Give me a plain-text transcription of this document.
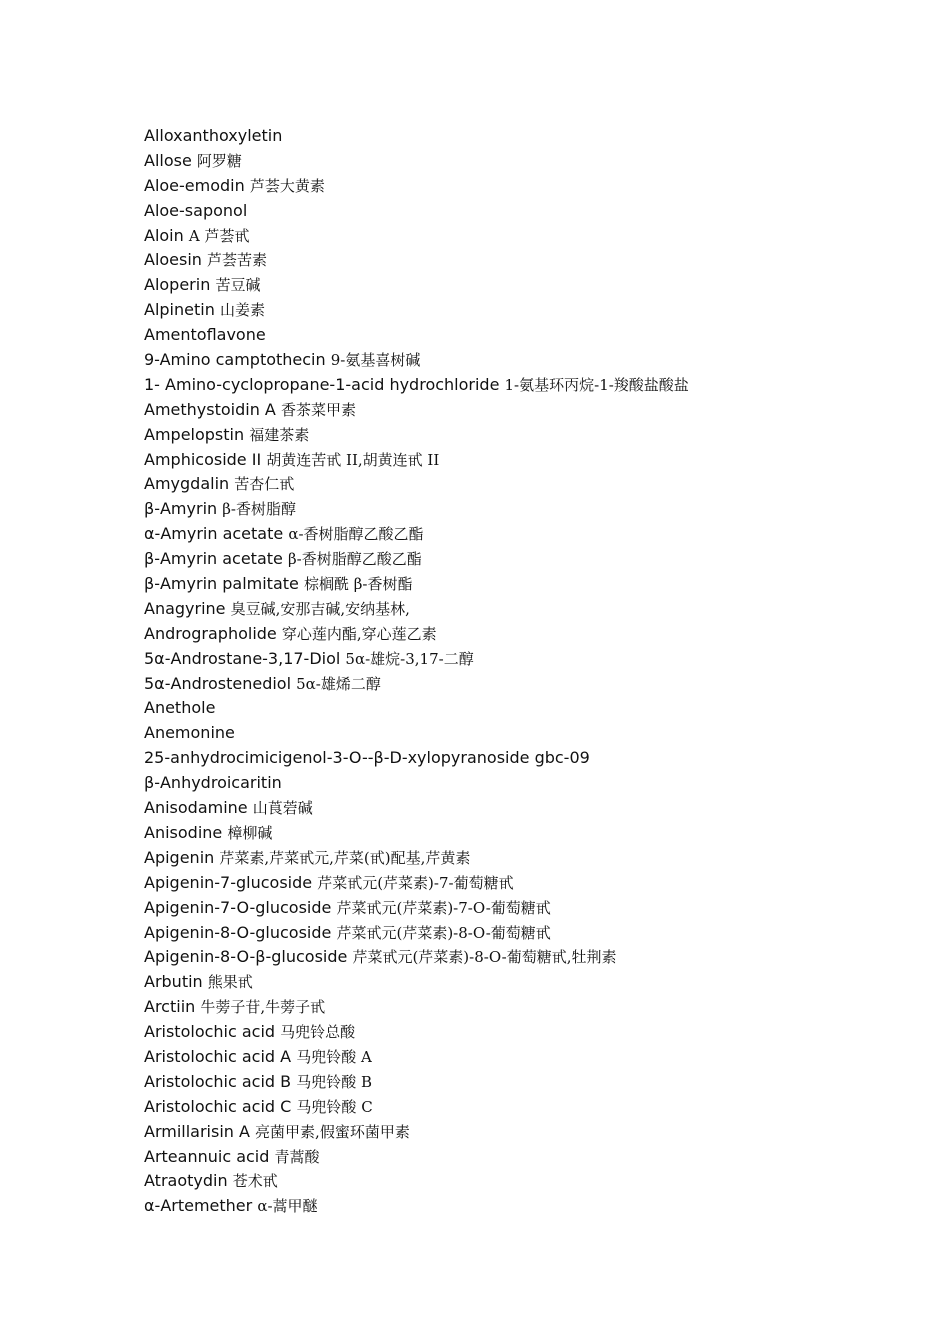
Alloxanthoxyletin
Allose 阿罗糖
Aloe-emodin 芦荟大黄素
Aloe-saponol
Aloin A 芦荟甙
Aloesin 芦荟苦素
Aloperin 苦豆碱
Alpinetin 山姜素
Amentoflavone
9-Amino camptothecin 9-氨基喜树碱
1- Amino-cyclopropane-1-acid hydrochloride 1-氨基环丙烷-1-羧酸盐酸盐
Amethystoidin A 香茶菜甲素
Ampelopstin 福建茶素
Amphicoside II 胡黄连苦甙 II,胡黄连甙 II
Amygdalin 苦杏仁甙
β-Amyrin β-香树脂醇
α-Amyrin acetate α-香树脂醇乙酸乙酯
β-Amyrin acetate β-香树脂醇乙酸乙酯
β-Amyrin palmitate 棕榈酰 β-香树酯
Anagyrine 臭豆碱,安那吉碱,安纳基林,
Andrographolide 穿心莲内酯,穿心莲乙素
5α-Androstane-3,17-Diol 5α-雄烷-3,17-二醇
5α-Androstenediol 5α-雄烯二醇
Anethole
Anemonine
25-anhydrocimicigenol-3-O--β-D-xylopyranoside gbc-09
β-Anhydroicaritin
Anisodamine 山莨菪碱
Anisodine 樟柳碱
Apigenin 芹菜素,芹菜甙元,芹菜(甙)配基,芹黄素
Apigenin-7-glucoside 芹菜甙元(芹菜素)-7-葡萄糖甙
Apigenin-7-O-glucoside 芹菜甙元(芹菜素)-7-O-葡萄糖甙
Apigenin-8-O-glucoside 芹菜甙元(芹菜素)-8-O-葡萄糖甙
Apigenin-8-O-β-glucoside 芹菜甙元(芹菜素)-8-O-葡萄糖甙,牡荆素
Arbutin 熊果甙
Arctiin 牛蒡子苷,牛蒡子甙
Aristolochic acid 马兜铃总酸
Aristolochic acid A 马兜铃酸 A
Aristolochic acid B 马兜铃酸 B
Aristolochic acid C 马兜铃酸 C
Armillarisin A 亮菌甲素,假蜜环菌甲素
Arteannuic acid 青蒿酸
Atraotydin 苍术甙
α-Artemether α-蒿甲醚
